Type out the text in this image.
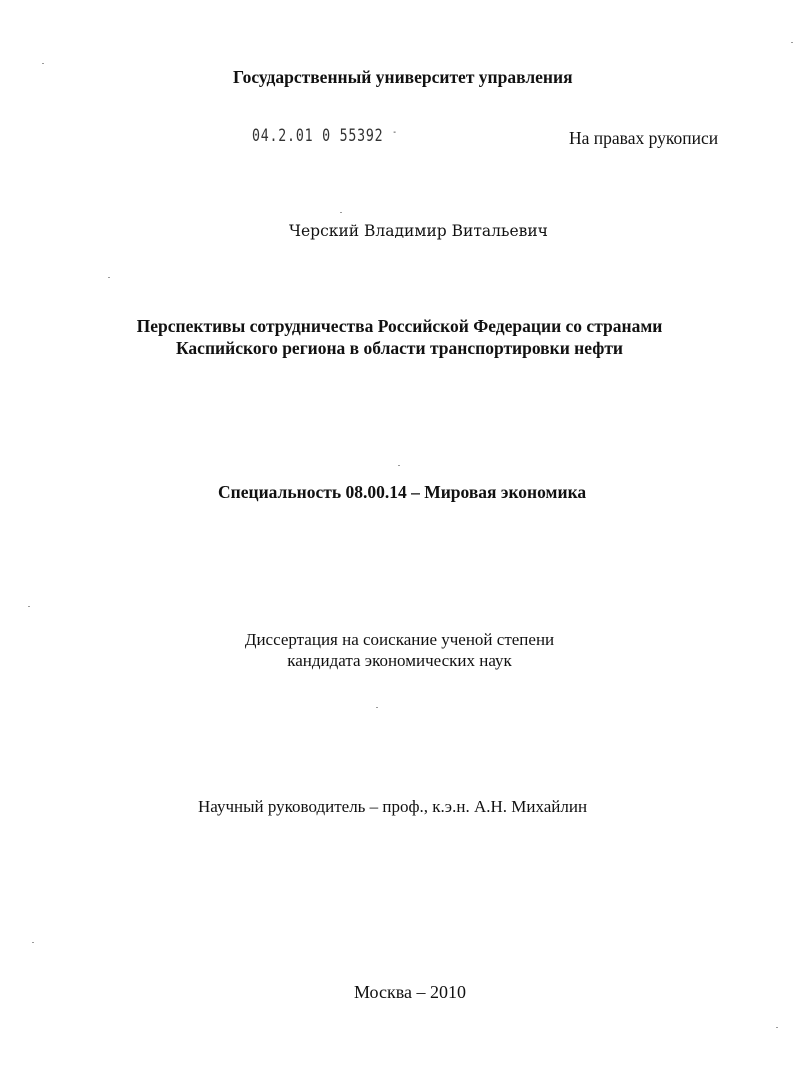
Государственный университет управления
04.2.01 0 55392 -	На правах рукописи
Черский Владимир Витальевич
Перспективы сотрудничества Российской Федерации со странами
Каспийского региона в области транспортировки нефти
Специальность 08.00.14 – Мировая экономика
Диссертация на соискание ученой степени
кандидата экономических наук
Научный руководитель – проф., к.э.н. А.Н. Михайлин
Москва – 2010
